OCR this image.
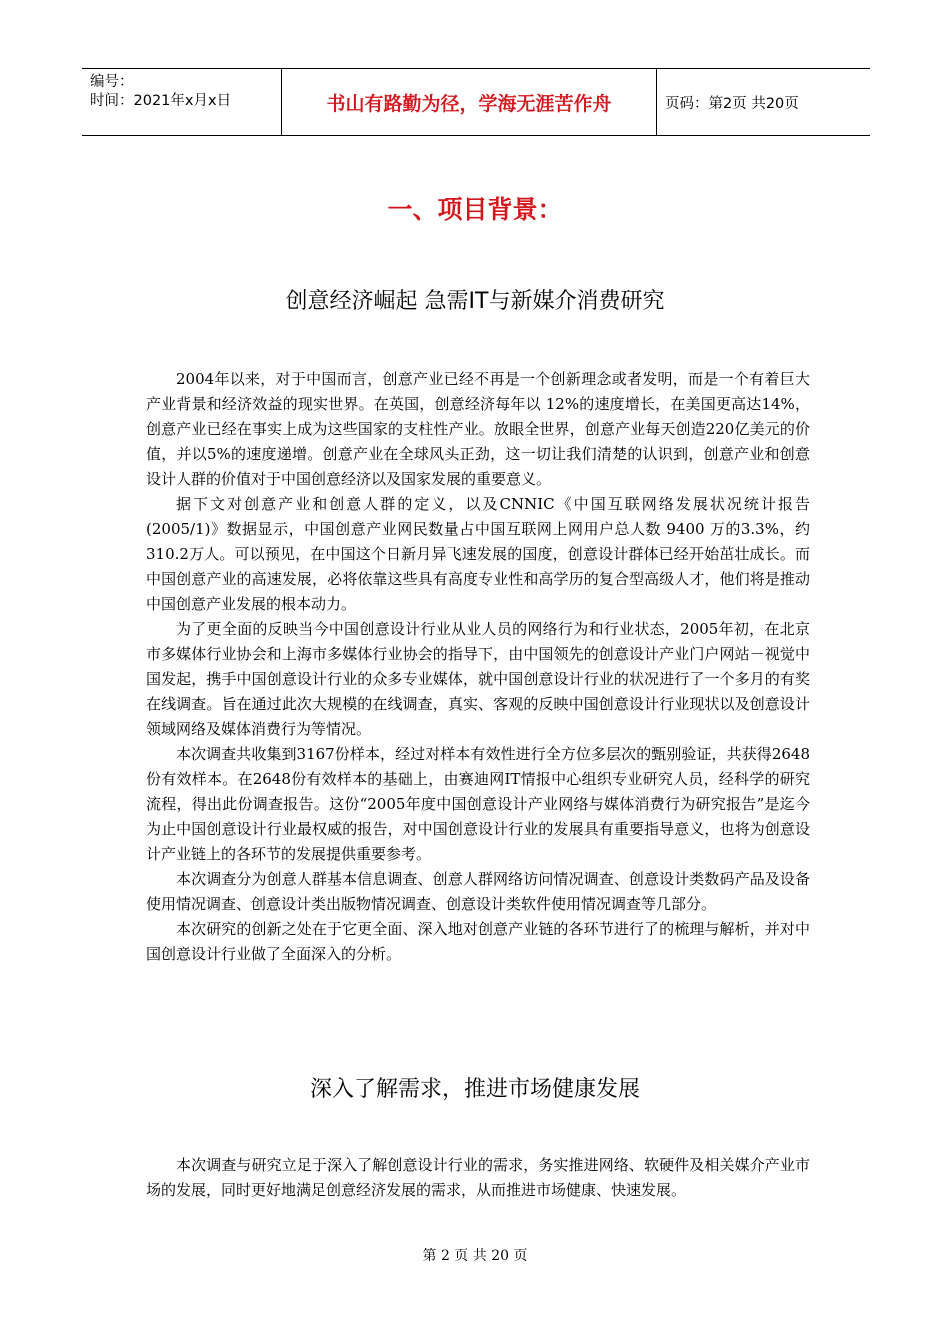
编号：
时间：2021年x月x日	书山有路勤为径，学海无涯苦作舟	页码：第2页 共20页
一、项目背景：
创意经济崛起 急需IT与新媒介消费研究

2004年以来，对于中国而言，创意产业已经不再是一个创新理念或者发明，而是一个有着巨大产业背景和经济效益的现实世界。在英国，创意经济每年以 12%的速度增长，在美国更高达14%，创意产业已经在事实上成为这些国家的支柱性产业。放眼全世界，创意产业每天创造220亿美元的价值，并以5%的速度递增。创意产业在全球风头正劲，这一切让我们清楚的认识到，创意产业和创意设计人群的价值对于中国创意经济以及国家发展的重要意义。

据下文对创意产业和创意人群的定义，以及CNNIC《中国互联网络发展状况统计报告(2005/1)》数据显示，中国创意产业网民数量占中国互联网上网用户总人数 9400 万的3.3%，约310.2万人。可以预见，在中国这个日新月异飞速发展的国度，创意设计群体已经开始茁壮成长。而中国创意产业的高速发展，必将依靠这些具有高度专业性和高学历的复合型高级人才，他们将是推动中国创意产业发展的根本动力。

为了更全面的反映当今中国创意设计行业从业人员的网络行为和行业状态，2005年初，在北京市多媒体行业协会和上海市多媒体行业协会的指导下，由中国领先的创意设计产业门户网站－视觉中国发起，携手中国创意设计行业的众多专业媒体，就中国创意设计行业的状况进行了一个多月的有奖在线调查。旨在通过此次大规模的在线调查，真实、客观的反映中国创意设计行业现状以及创意设计领域网络及媒体消费行为等情况。

本次调查共收集到3167份样本，经过对样本有效性进行全方位多层次的甄别验证，共获得2648份有效样本。在2648份有效样本的基础上，由赛迪网IT情报中心组织专业研究人员，经科学的研究流程，得出此份调查报告。这份“2005年度中国创意设计产业网络与媒体消费行为研究报告”是迄今为止中国创意设计行业最权威的报告，对中国创意设计行业的发展具有重要指导意义，也将为创意设计产业链上的各环节的发展提供重要参考。

本次调查分为创意人群基本信息调查、创意人群网络访问情况调查、创意设计类数码产品及设备使用情况调查、创意设计类出版物情况调查、创意设计类软件使用情况调查等几部分。

本次研究的创新之处在于它更全面、深入地对创意产业链的各环节进行了的梳理与解析，并对中国创意设计行业做了全面深入的分析。

深入了解需求，推进市场健康发展

本次调查与研究立足于深入了解创意设计行业的需求，务实推进网络、软硬件及相关媒介产业市场的发展，同时更好地满足创意经济发展的需求，从而推进市场健康、快速发展。

第 2 页 共 20 页
